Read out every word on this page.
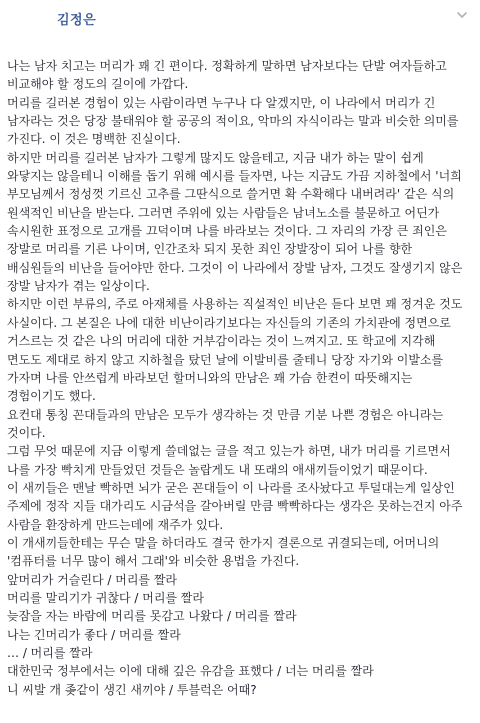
김정은

나는 남자 치고는 머리가 꽤 긴 편이다. 정확하게 말하면 남자보다는 단발 여자들하고 비교해야 할 정도의 길이에 가깝다.

머리를 길러본 경험이 있는 사람이라면 누구나 다 알겠지만, 이 나라에서 머리가 긴 남자라는 것은 당장 불태워야 할 공공의 적이요, 악마의 자식이라는 말과 비슷한 의미를 가진다. 이 것은 명백한 진실이다.

하지만 머리를 길러본 남자가 그렇게 많지도 않을테고, 지금 내가 하는 말이 쉽게 와닿지는 않을테니 이해를 돕기 위해 예시를 들자면, 나는 지금도 가끔 지하철에서 '너희 부모님께서 정성껏 기르신 고추를 그딴식으로 쓸거면 확 수확해다 내버려라' 같은 식의 원색적인 비난을 받는다. 그러면 주위에 있는 사람들은 남녀노소를 불문하고 어딘가 속시원한 표정으로 고개를 끄덕이며 나를 바라보는 것이다. 그 자리의 가장 큰 죄인은 장발로 머리를 기른 나이며, 인간조차 되지 못한 죄인 장발장이 되어 나를 향한 배심원들의 비난을 들어야만 한다. 그것이 이 나라에서 장발 남자, 그것도 잘생기지 않은 장발 남자가 겪는 일상이다.

하지만 이런 부류의, 주로 아재체를 사용하는 직설적인 비난은 듣다 보면 꽤 정겨운 것도 사실이다. 그 본질은 나에 대한 비난이라기보다는 자신들의 기존의 가치관에 정면으로 거스르는 것 같은 나의 머리에 대한 거부감이라는 것이 느껴지고. 또 학교에 지각해 면도도 제대로 하지 않고 지하철을 탔던 날에 이발비를 줄테니 당장 자기와 이발소를 가자며 나를 안쓰럽게 바라보던 할머니와의 만남은 꽤 가슴 한켠이 따뜻해지는 경험이기도 했다.

요컨대 통칭 꼰대들과의 만남은 모두가 생각하는 것 만큼 기분 나쁜 경험은 아니라는 것이다.

그럼 무엇 때문에 지금 이렇게 쓸데없는 글을 적고 있는가 하면, 내가 머리를 기르면서 나를 가장 빡치게 만들었던 것들은 놀랍게도 내 또래의 애새끼들이었기 때문이다.

이 새끼들은 맨날 빡하면 뇌가 굳은 꼰대들이 이 나라를 조사놨다고 투덜대는게 일상인 주제에 정작 지들 대가리도 시금석을 갈아버릴 만큼 빡빡하다는 생각은 못하는건지 아주 사람을 환장하게 만드는데에 재주가 있다.

이 개새끼들한테는 무슨 말을 하더라도 결국 한가지 결론으로 귀결되는데, 어머니의 '컴퓨터를 너무 많이 해서 그래'와 비슷한 용법을 가진다.

앞머리가 거슬린다 / 머리를 짤라

머리를 말리기가 귀찮다 / 머리를 짤라

늦잠을 자는 바람에 머리를 못감고 나왔다 / 머리를 짤라

나는 긴머리가 좋다 / 머리를 짤라

… / 머리를 짤라

대한민국 정부에서는 이에 대해 깊은 유감을 표했다 / 너는 머리를 짤라

니 씨발 개 좆같이 생긴 새끼야 / 투블럭은 어때?
